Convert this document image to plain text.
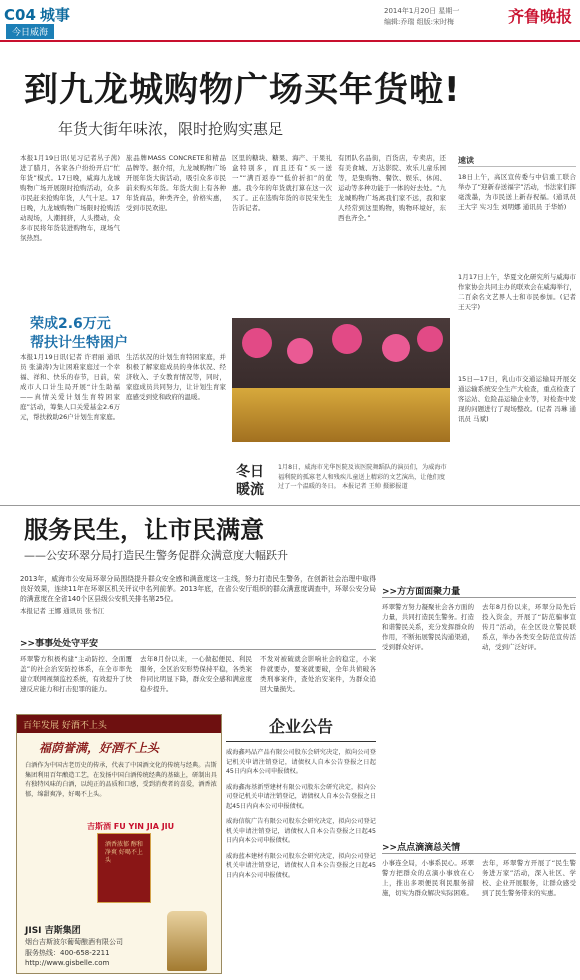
C04 城事
今日威海
2014年1月20日 星期一
编辑:乔瑞 组版:宋时梅	齐鲁晚报
到九龙城购物广场买年货啦!
年货大街年味浓，限时抢购实惠足
本报1月19日讯(见习记者丛子茜)进了腊月，各家各户纷纷开启“忙年货”模式。17日晚，威海九龙城购物广场开展限时抢购活动，众多市民赶来抢购年货，人气十足。17日晚，九龙城购物广场限时抢购活动现场，人潮拥挤，人头攒动，众多市民将年货装进购物车，现场气氛热烈。
旅品牌MASS CONCRETE和精品品牌等。据介绍，九龙城购物广场开展年货大街活动，吸引众多市民前来购买年货。年货大街上有各种年货商品，种类齐全，价格实惠，受到市民欢迎。
区里的糖块、糖果、海产、干果礼盒特别多，而且还有“买一送一”“满百返券”“低价折扣”的优惠。我今年的年货就打算在这一次买了。正在选购年货的市民宋先生告诉记者。
有团队名品街，百货店，专卖店，还有美食城、万达影院、欢乐儿童乐园等，是集购物、餐饮、娱乐、休闲、运动等多种功能于一体的好去处。“九龙城购物广场离我们家不远，我和家人经常到这里购物，购物环境好，东西也齐全。”
荣成2.6万元
帮扶计生特困户
本报1月19日讯(记者 许君丽 通讯员 张潇涛)为让困难家庭过一个幸福、祥和、快乐的春节，日前，荣成市人口计生局开展“计生助福——真情关爱计划生育特困家庭”活动，筹集人口关爱基金2.6万元，帮扶救助26户计划生育家庭。
生活状况的计划生育特困家庭，并积极了解家庭成员的身体状况、经济收入、子女教育情况等，同时，家庭成员共同努力，让计划生育家庭感受到党和政府的温暖。
冬日暖流
1月8日，威海市光华医院及该医院舞蹈队的演员们，为威海市福利院的孤寡老人和残疾儿童送上精彩的文艺演出，让他们度过了一个温暖的冬日。 本报记者 王帅 摄影报道
速读
18日上午，高区宣传委与中信重工联合举办了“迎新春送福字”活动，书法家们挥毫泼墨，为市民送上新春祝福。(通讯员 王大宇 实习生 刘明娜 通讯员 于华娇)
1月17日上午，华夏文化研究所与威海市作家协会共同主办的联欢会在威海举行，二百余名文艺界人士和市民参加。(记者 王天宇)
15日—17日，乳山市交通运输局开展交通运输系统安全生产大检查，重点检查了客运站、危险品运输企业等，对检查中发现的问题进行了现场整改。(记者 冯琳 通讯员 马斌)
服务民生，让市民满意
——公安环翠分局打造民生警务促群众满意度大幅跃升
2013年，威海市公安局环翠分局围绕提升群众安全感和满意度这一主线，努力打造民生警务，在创新社会治理中取得良好效果，连续11年在环翠区机关评议中名列前茅。2013年底，在省公安厅组织的群众满意度调查中，环翠公安分局的满意度在全省140个区县级公安机关排名第25位。
本报记者 王娜 通讯员 张书江
>>事事处处守平安
环翠警方积极构建“主动防控、全面覆盖”的社会治安防控体系，在全市率先建立联网视频监控系统，有效提升了快速反应能力和打击犯罪的能力。
去年8月份以来，一心做起便民、利民服务，全区治安形势保持平稳，各类案件同比明显下降，群众安全感和满意度稳步提升。
不发对被破就会影响社会的稳定，小案件就要办，要案就要破，全年共侦破各类刑事案件，查处治安案件，为群众追回大量损失。
>>方方面面聚力量
环翠警方努力凝聚社会各方面的力量，共同打造民生警务。打造和谐警民关系，充分发挥群众的作用，不断拓展警民沟通渠道，受到群众好评。
去年8月份以来，环翠分局先后投入资金，开展了“防范骗事宣传月”活动，在全区设立警民联系点，举办各类安全防范宣传活动，受到广泛好评。
>>点点滴滴总关情
小事连全局，小事系民心。环翠警方把群众的点滴小事放在心上，推出多项便民利民服务措施，切实为群众解决实际困难。
去年，环翠警方开展了“民生警务进万家”活动，深入社区、学校、企业开展服务，让群众感受到了民生警务带来的实惠。
百年发展 好酒不上头
福荫誉满，好酒不上头
白酒作为中国古老历史的传承，代表了中国酒文化的传统与经典。吉斯集团利用百年酿造工艺，在发扬中国白酒传统经典的基础上，研制出具有独特风味的白酒，以纯正的品质和口感，受到消费者的喜爱，酒香浓郁，绵甜爽净，好喝不上头。
吉斯酒 FU YIN JIA JIU
酒香浓郁 醇和净爽 好喝不上头
JISI 吉斯集团
烟台吉斯波尔葡萄酿酒有限公司
服务热线：400-658-2211
http://www.gisbelle.com
企业公告
威海鑫玛品产品有限公司股东会研究决定，拟向公司登记机关申请注销登记，请债权人自本公告登报之日起45日内向本公司申报债权。
威海鑫海基新型建材有限公司股东会研究决定，拟向公司登记机关申请注销登记，请债权人自本公告登报之日起45日内向本公司申报债权。
威海信航广告有限公司股东会研究决定，拟向公司登记机关申请注销登记，请债权人自本公告登报之日起45日内向本公司申报债权。
威海蓝本建材有限公司股东会研究决定，拟向公司登记机关申请注销登记，请债权人自本公告登报之日起45日内向本公司申报债权。
